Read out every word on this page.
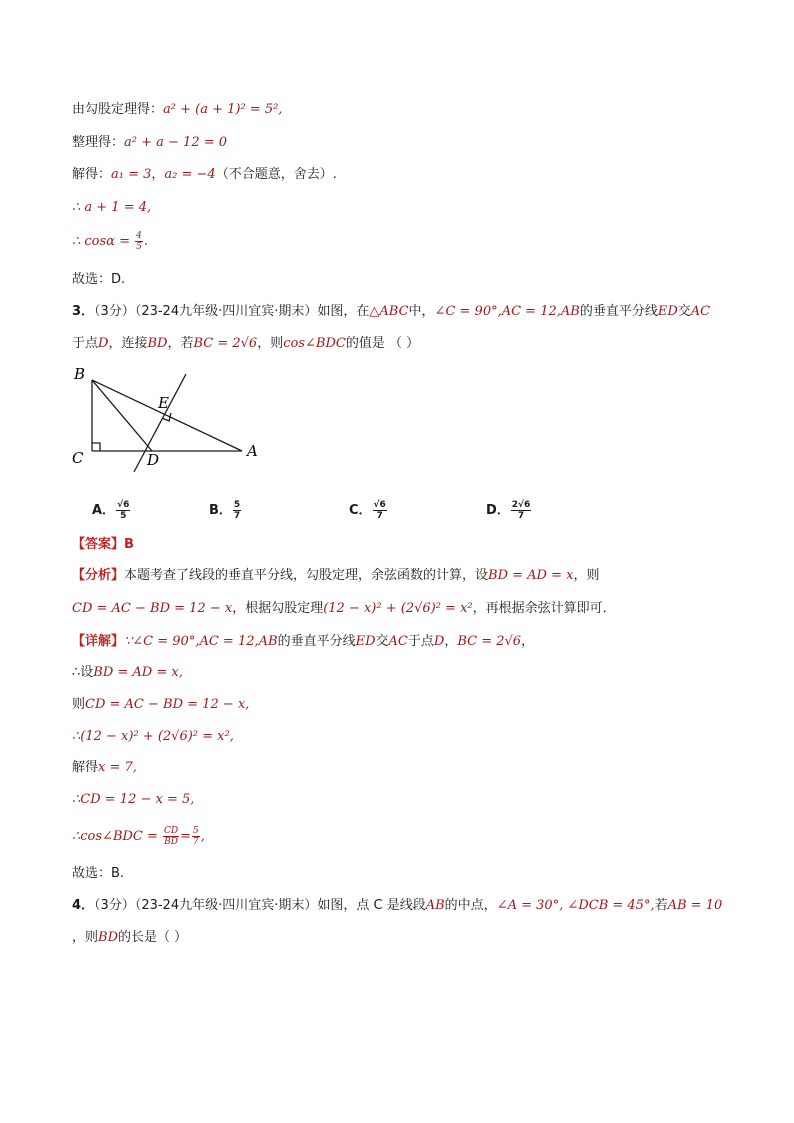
由勾股定理得：a² + (a + 1)² = 5²,
整理得：a² + a − 12 = 0
解得：a₁ = 3，a₂ = −4（不合题意，舍去）.
∴ a + 1 = 4,
∴ $\cos\alpha = \frac{4}{5}$ .
故选：D.
3．（3分）（23-24九年级·四川宜宾·期末）如图，在△ABC中，∠C = 90°,AC = 12,AB的垂直平分线ED交AC
于点D，连接BD，若BC = 2√6，则cos∠BDC的值是 （ ）
B
C	D
E
A
A． $\frac{√6}{5}$	B． $\frac{5}{7}$	C． $\frac{√6}{7}$	D． $\frac{2√6}{7}$
【答案】B
【分析】本题考查了线段的垂直平分线，勾股定理，余弦函数的计算，设BD = AD = x，则
CD = AC − BD = 12 − x，根据勾股定理(12 − x)² + (2√6)² = x²，再根据余弦计算即可．
【详解】∵∠C = 90°,AC = 12,AB的垂直平分线ED交AC于点D，BC = 2√6，
∴设BD = AD = x,
则CD = AC − BD = 12 − x,
∴(12 − x)² + (2√6)² = x²,
解得x = 7,
∴CD = 12 − x = 5,
∴cos∠BDC = $\frac{CD}{BD} = \frac{5}{7}$ ,
故选：B.
4．（3分）（23-24九年级·四川宜宾·期末）如图，点 C 是线段AB的中点，∠A = 30°, ∠DCB = 45°,若AB = 10
，则BD的长是（ ）
